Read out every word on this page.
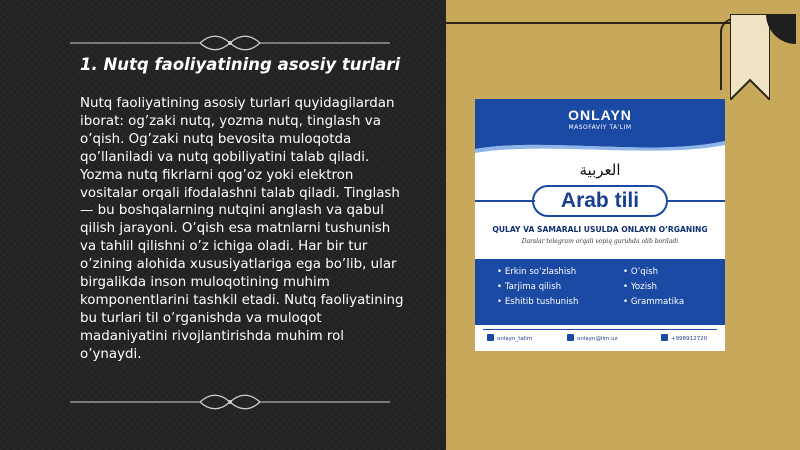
1. Nutq faoliyatining asosiy turlari
Nutq faoliyatining asosiy turlari quyidagilardan iborat: og’zaki nutq, yozma nutq, tinglash va o’qish. Og’zaki nutq bevosita muloqotda qo’llaniladi va nutq qobiliyatini talab qiladi. Yozma nutq fikrlarni qog’oz yoki elektron vositalar orqali ifodalashni talab qiladi. Tinglash — bu boshqalarning nutqini anglash va qabul qilish jarayoni. O’qish esa matnlarni tushunish va tahlil qilishni o’z ichiga oladi. Har bir tur o’zining alohida xususiyatlariga ega bo’lib, ular birgalikda inson muloqotining muhim komponentlarini tashkil etadi. Nutq faoliyatining bu turlari til o’rganishda va muloqot madaniyatini rivojlantirishda muhim rol o’ynaydi.
ONLAYN
MASOFAVIY TA'LIM
العربية
Arab tili
QULAY VA SAMARALI USULDA ONLAYN O’RGANING
Darslar telegram orqali vopiq guruhda olib boriladi
• Erkin so’zlashish
• Tarjima qilish
• Eshitib tushunish
• O’qish
• Yozish
• Grammatika
onlayn_talim	onlayn@lim.uz	+998912720
